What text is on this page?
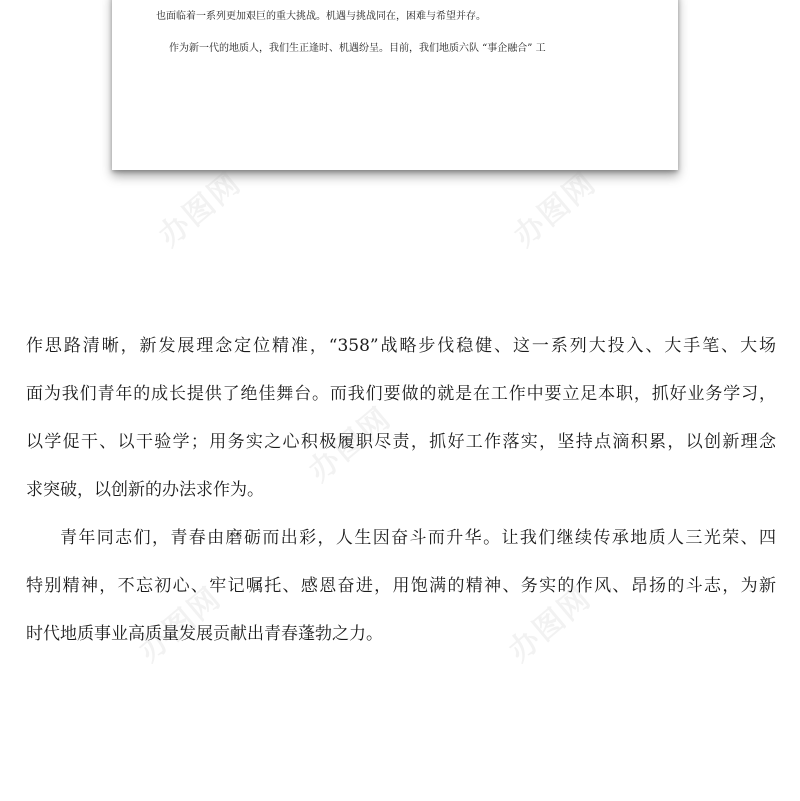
也面临着一系列更加艰巨的重大挑战。机遇与挑战同在，困难与希望并存。
作为新一代的地质人，我们生正逢时、机遇纷呈。目前，我们地质六队 “事企融合” 工
办图网	办图网
办图网
办图网	办图网
作思路清晰，新发展理念定位精准，“358”战略步伐稳健、这一系列大投入、大手笔、大场
面为我们青年的成长提供了绝佳舞台。而我们要做的就是在工作中要立足本职，抓好业务学习，
以学促干、以干验学；用务实之心积极履职尽责，抓好工作落实，坚持点滴积累，以创新理念
求突破，以创新的办法求作为。
青年同志们，青春由磨砺而出彩，人生因奋斗而升华。让我们继续传承地质人三光荣、四
特别精神，不忘初心、牢记嘱托、感恩奋进，用饱满的精神、务实的作风、昂扬的斗志，为新
时代地质事业高质量发展贡献出青春蓬勃之力。
